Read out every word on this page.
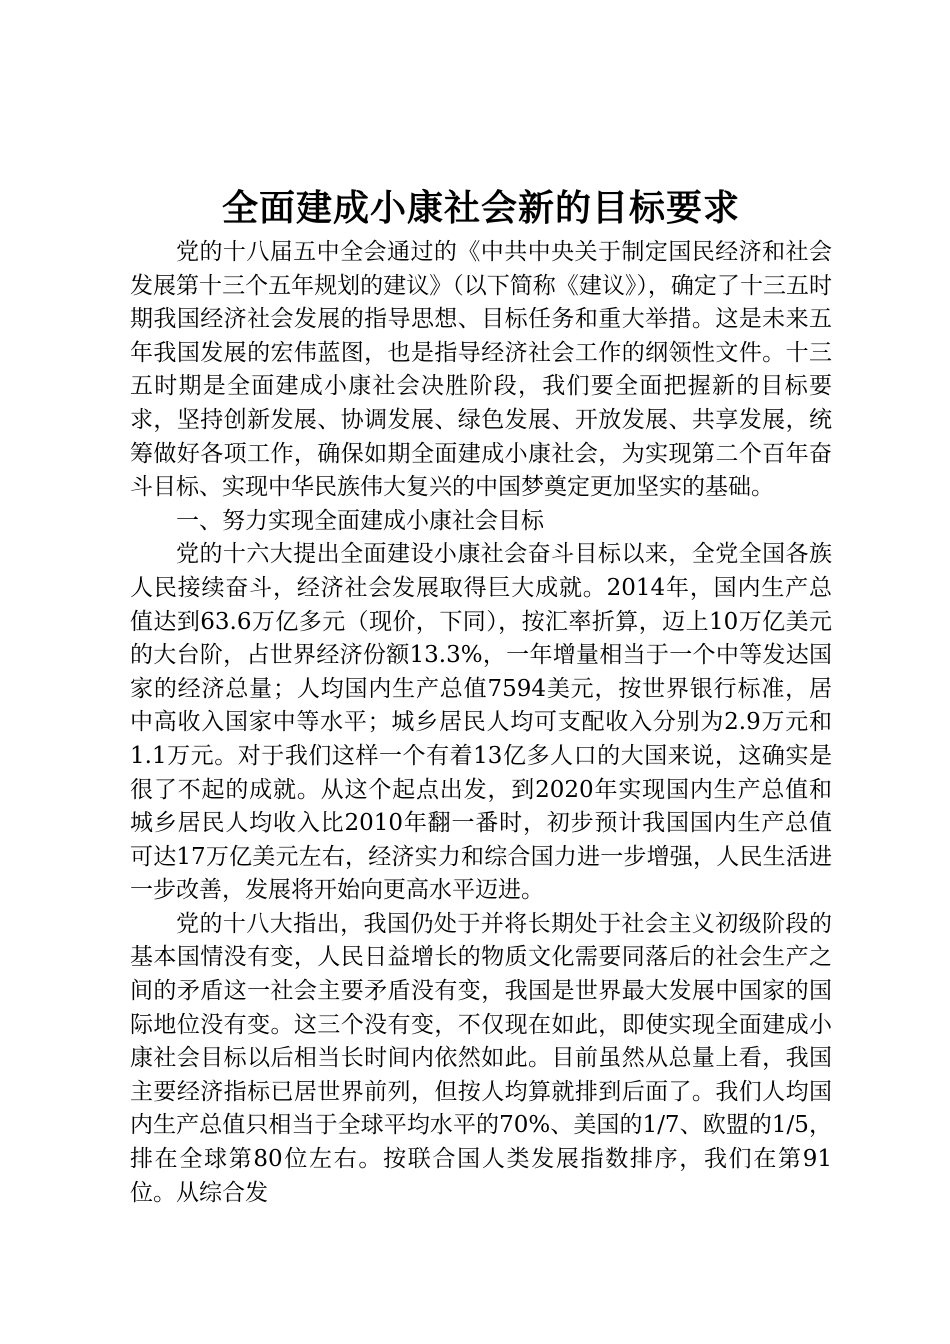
全面建成小康社会新的目标要求

党的十八届五中全会通过的《中共中央关于制定国民经济和社会发展第十三个五年规划的建议》（以下简称《建议》），确定了十三五时期我国经济社会发展的指导思想、目标任务和重大举措。这是未来五年我国发展的宏伟蓝图，也是指导经济社会工作的纲领性文件。十三五时期是全面建成小康社会决胜阶段，我们要全面把握新的目标要求，坚持创新发展、协调发展、绿色发展、开放发展、共享发展，统筹做好各项工作，确保如期全面建成小康社会，为实现第二个百年奋斗目标、实现中华民族伟大复兴的中国梦奠定更加坚实的基础。

一、努力实现全面建成小康社会目标

党的十六大提出全面建设小康社会奋斗目标以来，全党全国各族人民接续奋斗，经济社会发展取得巨大成就。2014年，国内生产总值达到63.6万亿多元（现价，下同），按汇率折算，迈上10万亿美元的大台阶，占世界经济份额13.3%，一年增量相当于一个中等发达国家的经济总量；人均国内生产总值7594美元，按世界银行标准，居中高收入国家中等水平；城乡居民人均可支配收入分别为2.9万元和1.1万元。对于我们这样一个有着13亿多人口的大国来说，这确实是很了不起的成就。从这个起点出发，到2020年实现国内生产总值和城乡居民人均收入比2010年翻一番时，初步预计我国国内生产总值可达17万亿美元左右，经济实力和综合国力进一步增强，人民生活进一步改善，发展将开始向更高水平迈进。

党的十八大指出，我国仍处于并将长期处于社会主义初级阶段的基本国情没有变，人民日益增长的物质文化需要同落后的社会生产之间的矛盾这一社会主要矛盾没有变，我国是世界最大发展中国家的国际地位没有变。这三个没有变，不仅现在如此，即使实现全面建成小康社会目标以后相当长时间内依然如此。目前虽然从总量上看，我国主要经济指标已居世界前列，但按人均算就排到后面了。我们人均国内生产总值只相当于全球平均水平的70%、美国的1/7、欧盟的1/5，排在全球第80位左右。按联合国人类发展指数排序，我们在第91位。从综合发
